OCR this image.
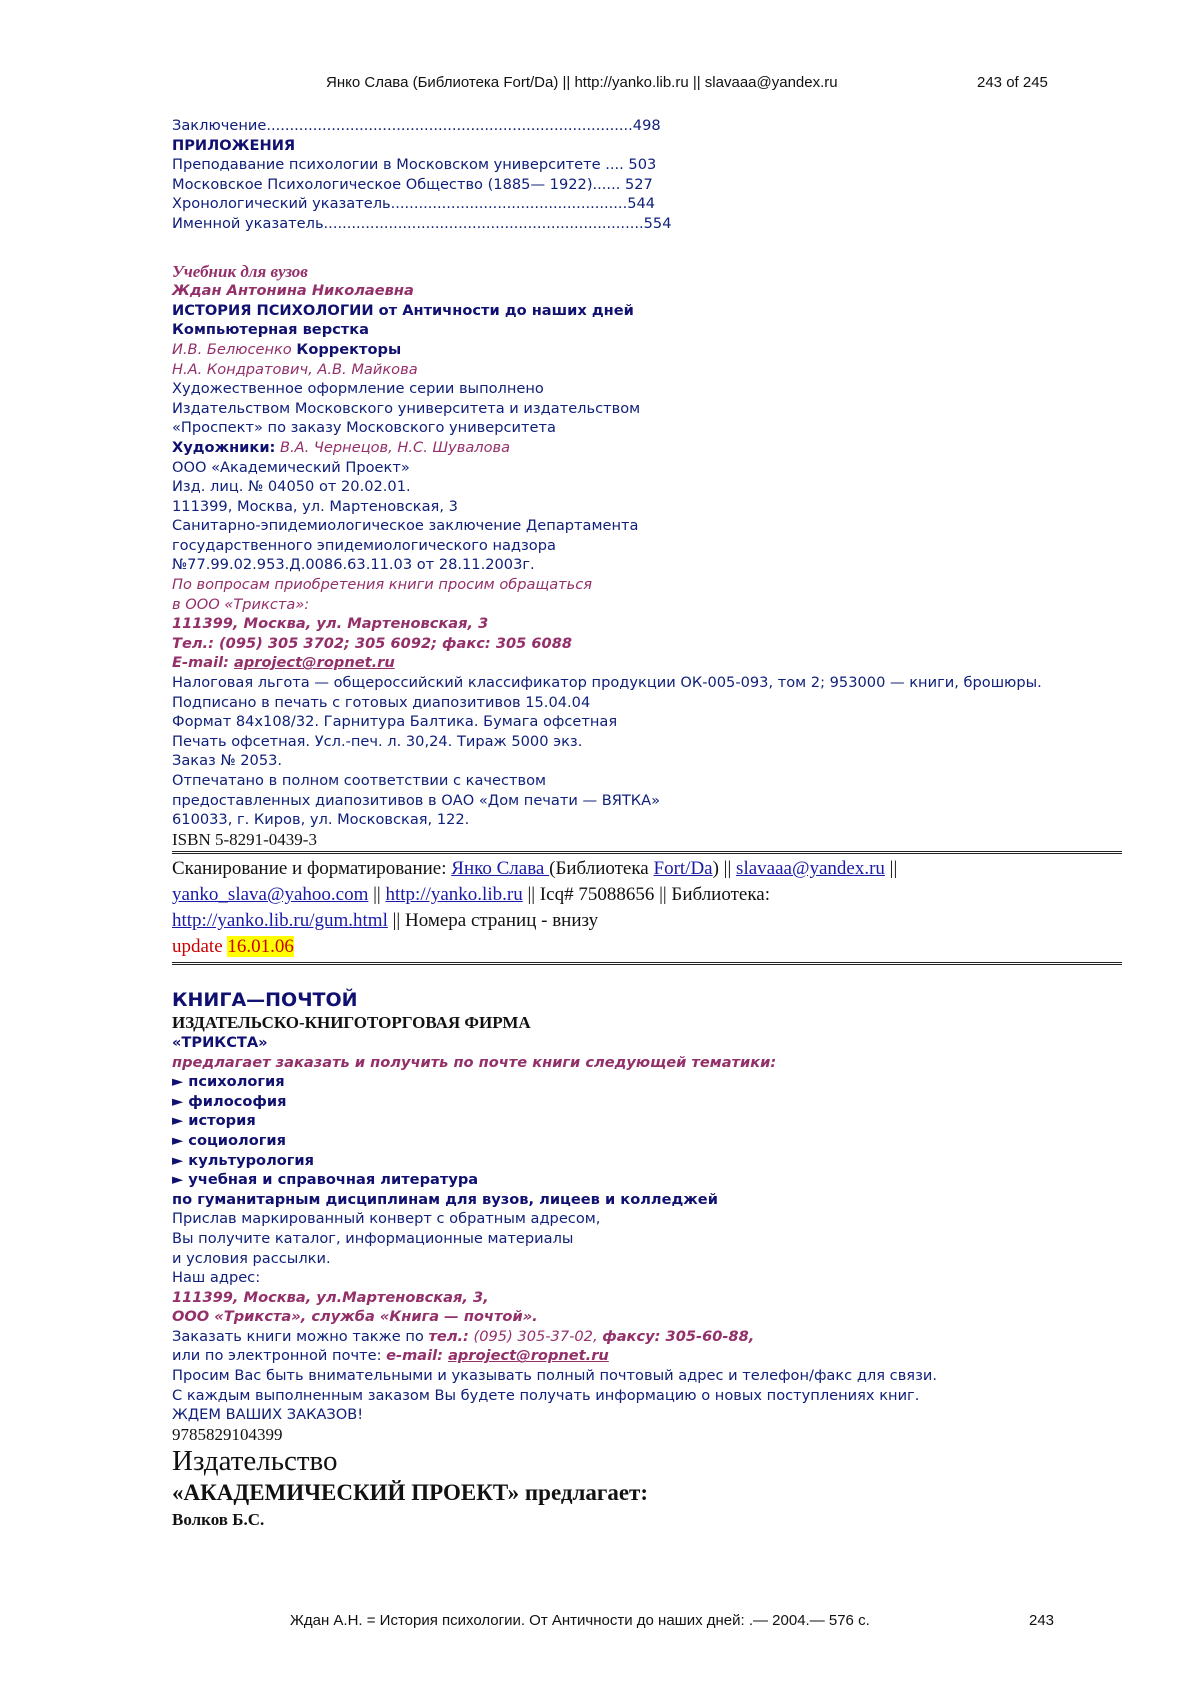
Янко Слава (Библиотека Fort/Da) || http://yanko.lib.ru || slavaaa@yandex.ru	243 of 245
Заключение...............................................................................498
ПРИЛОЖЕНИЯ
Преподавание психологии в Московском университете .... 503
Московское Психологическое Общество (1885— 1922)...... 527
Хронологический указатель...................................................544
Именной указатель.....................................................................554
Учебник для вузов
Ждан Антонина Николаевна
ИСТОРИЯ ПСИХОЛОГИИ от Античности до наших дней
Компьютерная верстка
И.В. Белюсенко Корректоры
Н.А. Кондратович, А.В. Майкова
Художественное оформление серии выполнено
Издательством Московского университета и издательством
«Проспект» по заказу Московского университета
Художники: В.А. Чернецов, Н.С. Шувалова
ООО «Академический Проект»
Изд. лиц. № 04050 от 20.02.01.
111399, Москва, ул. Мартеновская, 3
Санитарно-эпидемиологическое заключение Департамента
государственного эпидемиологического надзора
№77.99.02.953.Д.0086.63.11.03 от 28.11.2003г.
По вопросам приобретения книги просим обращаться
в ООО «Трикста»:
111399, Москва, ул. Мартеновская, 3
Тел.: (095) 305 3702; 305 6092; факс: 305 6088
E-mail: aproject@ropnet.ru
Налоговая льгота — общероссийский классификатор продукции ОК-005-093, том 2; 953000 — книги, брошюры.
Подписано в печать с готовых диапозитивов 15.04.04
Формат 84x108/32. Гарнитура Балтика. Бумага офсетная
Печать офсетная. Усл.-печ. л. 30,24. Тираж 5000 экз.
Заказ № 2053.
Отпечатано в полном соответствии с качеством
предоставленных диапозитивов в ОАО «Дом печати — ВЯТКА»
610033, г. Киров, ул. Московская, 122.
ISBN 5-8291-0439-3
Сканирование и форматирование: Янко Слава (Библиотека Fort/Da) || slavaaa@yandex.ru ||
yanko_slava@yahoo.com || http://yanko.lib.ru || Icq# 75088656 || Библиотека:
http://yanko.lib.ru/gum.html || Номера страниц - внизу
update 16.01.06
КНИГА—ПОЧТОЙ
ИЗДАТЕЛЬСКО-КНИГОТОРГОВАЯ ФИРМА
«ТРИКСТА»
предлагает заказать и получить по почте книги следующей тематики:
► психология
► философия
► история
► социология
► культурология
► учебная и справочная литература
по гуманитарным дисциплинам для вузов, лицеев и колледжей
Прислав маркированный конверт с обратным адресом,
Вы получите каталог, информационные материалы
и условия рассылки.
Наш адрес:
111399, Москва, ул.Мартеновская, 3,
ООО «Трикста», служба «Книга — почтой».
Заказать книги можно также по тел.: (095) 305-37-02, факсу: 305-60-88,
или по электронной почте: e-mail: aproject@ropnet.ru
Просим Вас быть внимательными и указывать полный почтовый адрес и телефон/факс для связи.
С каждым выполненным заказом Вы будете получать информацию о новых поступлениях книг.
ЖДЕМ ВАШИХ ЗАКАЗОВ!
9785829104399
Издательство
«АКАДЕМИЧЕСКИЙ ПРОЕКТ» предлагает:
Волков Б.С.
Ждан А.Н. = История психологии. От Античности до наших дней: .— 2004.— 576 с.	243
